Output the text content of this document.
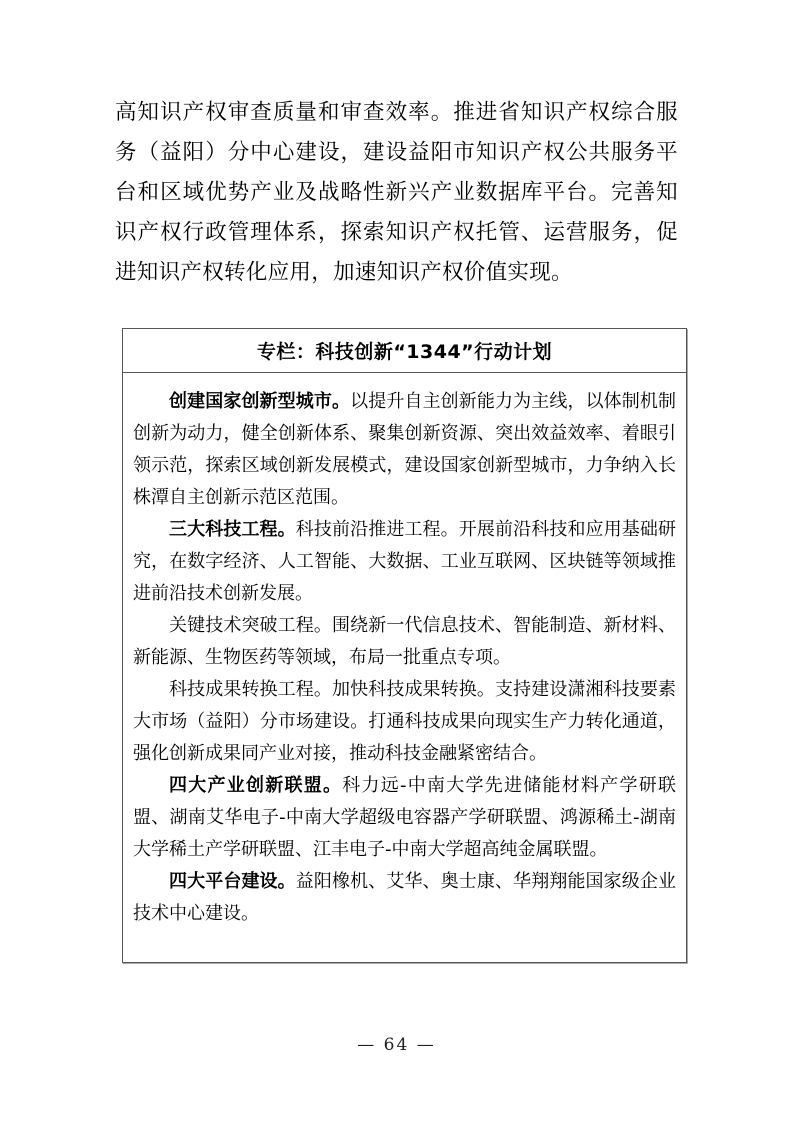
高知识产权审查质量和审查效率。推进省知识产权综合服务（益阳）分中心建设，建设益阳市知识产权公共服务平台和区域优势产业及战略性新兴产业数据库平台。完善知识产权行政管理体系，探索知识产权托管、运营服务，促进知识产权转化应用，加速知识产权价值实现。
专栏：科技创新“1344”行动计划

创建国家创新型城市。以提升自主创新能力为主线，以体制机制创新为动力，健全创新体系、聚集创新资源、突出效益效率、着眼引领示范，探索区域创新发展模式，建设国家创新型城市，力争纳入长株潭自主创新示范区范围。

三大科技工程。科技前沿推进工程。开展前沿科技和应用基础研究，在数字经济、人工智能、大数据、工业互联网、区块链等领域推进前沿技术创新发展。

关键技术突破工程。围绕新一代信息技术、智能制造、新材料、新能源、生物医药等领域，布局一批重点专项。

科技成果转换工程。加快科技成果转换。支持建设潇湘科技要素大市场（益阳）分市场建设。打通科技成果向现实生产力转化通道，强化创新成果同产业对接，推动科技金融紧密结合。

四大产业创新联盟。科力远-中南大学先进储能材料产学研联盟、湖南艾华电子-中南大学超级电容器产学研联盟、鸿源稀土-湖南大学稀土产学研联盟、江丰电子-中南大学超高纯金属联盟。

四大平台建设。益阳橡机、艾华、奥士康、华翔翔能国家级企业技术中心建设。

— 64 —
